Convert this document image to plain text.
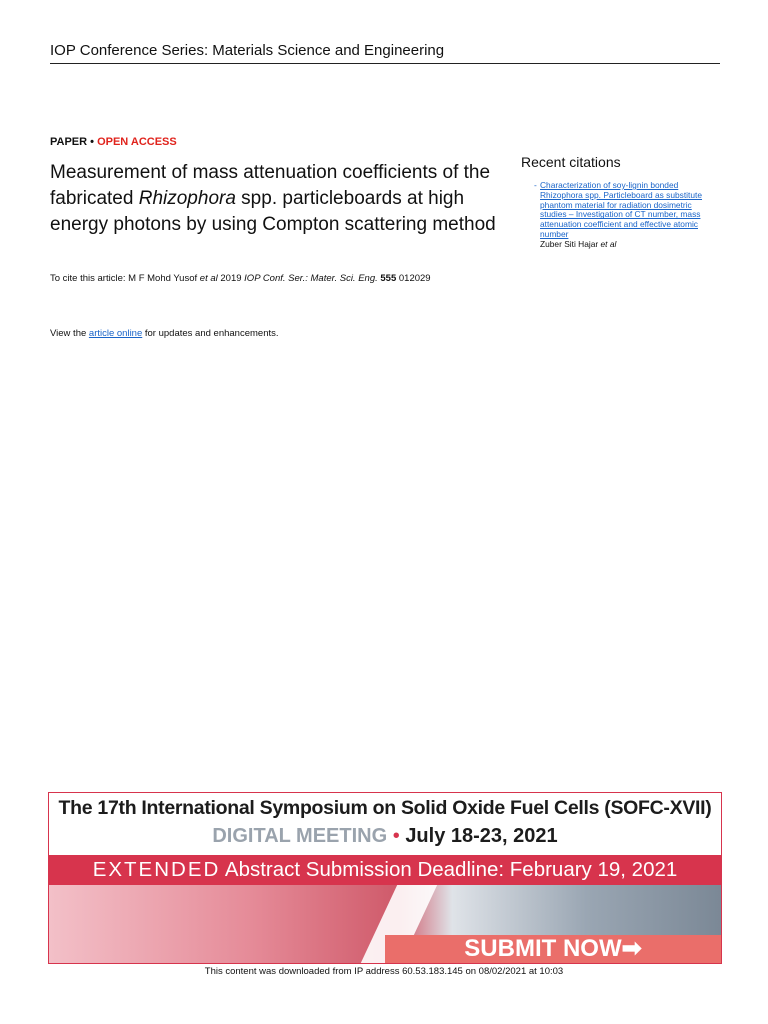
IOP Conference Series: Materials Science and Engineering
PAPER • OPEN ACCESS
Measurement of mass attenuation coefficients of the fabricated Rhizophora spp. particleboards at high energy photons by using Compton scattering method
To cite this article: M F Mohd Yusof et al 2019 IOP Conf. Ser.: Mater. Sci. Eng. 555 012029
View the article online for updates and enhancements.
Recent citations
- Characterization of soy-lignin bonded Rhizophora spp. Particleboard as substitute phantom material for radiation dosimetric studies – Investigation of CT number, mass attenuation coefficient and effective atomic number
Zuber Siti Hajar et al
The 17th International Symposium on Solid Oxide Fuel Cells (SOFC-XVII)
DIGITAL MEETING • July 18-23, 2021
EXTENDED Abstract Submission Deadline: February 19, 2021
SUBMIT NOW➡
This content was downloaded from IP address 60.53.183.145 on 08/02/2021 at 10:03
